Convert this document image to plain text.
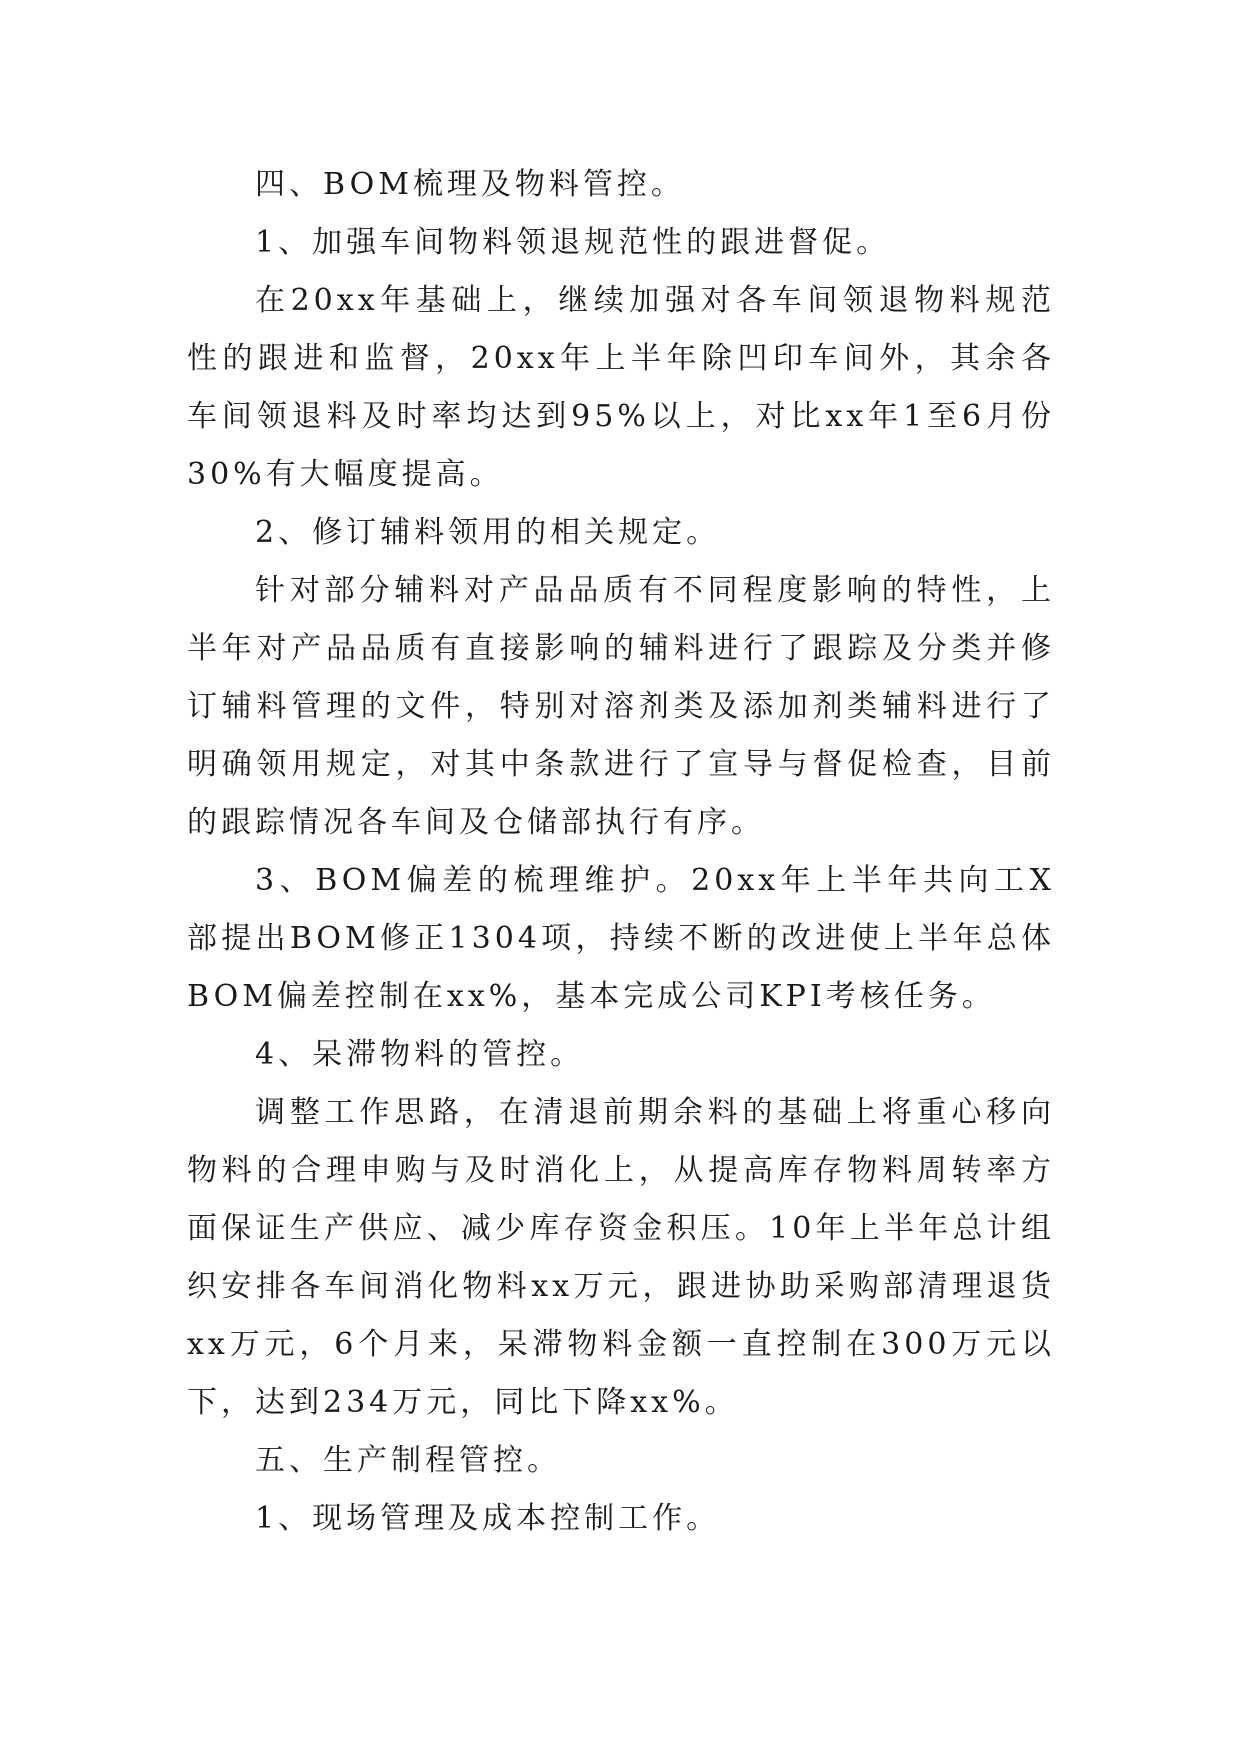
四、BOM梳理及物料管控。

1、加强车间物料领退规范性的跟进督促。

在20xx年基础上，继续加强对各车间领退物料规范性的跟进和监督，20xx年上半年除凹印车间外，其余各车间领退料及时率均达到95%以上，对比xx年1至6月份30%有大幅度提高。

2、修订辅料领用的相关规定。

针对部分辅料对产品品质有不同程度影响的特性，上半年对产品品质有直接影响的辅料进行了跟踪及分类并修订辅料管理的文件，特别对溶剂类及添加剂类辅料进行了明确领用规定，对其中条款进行了宣导与督促检查，目前的跟踪情况各车间及仓储部执行有序。

3、BOM偏差的梳理维护。20xx年上半年共向工X部提出BOM修正1304项，持续不断的改进使上半年总体BOM偏差控制在xx%，基本完成公司KPI考核任务。

4、呆滞物料的管控。

调整工作思路，在清退前期余料的基础上将重心移向物料的合理申购与及时消化上，从提高库存物料周转率方面保证生产供应、减少库存资金积压。10年上半年总计组织安排各车间消化物料xx万元，跟进协助采购部清理退货xx万元，6个月来，呆滞物料金额一直控制在300万元以下，达到234万元，同比下降xx%。

五、生产制程管控。

1、现场管理及成本控制工作。
